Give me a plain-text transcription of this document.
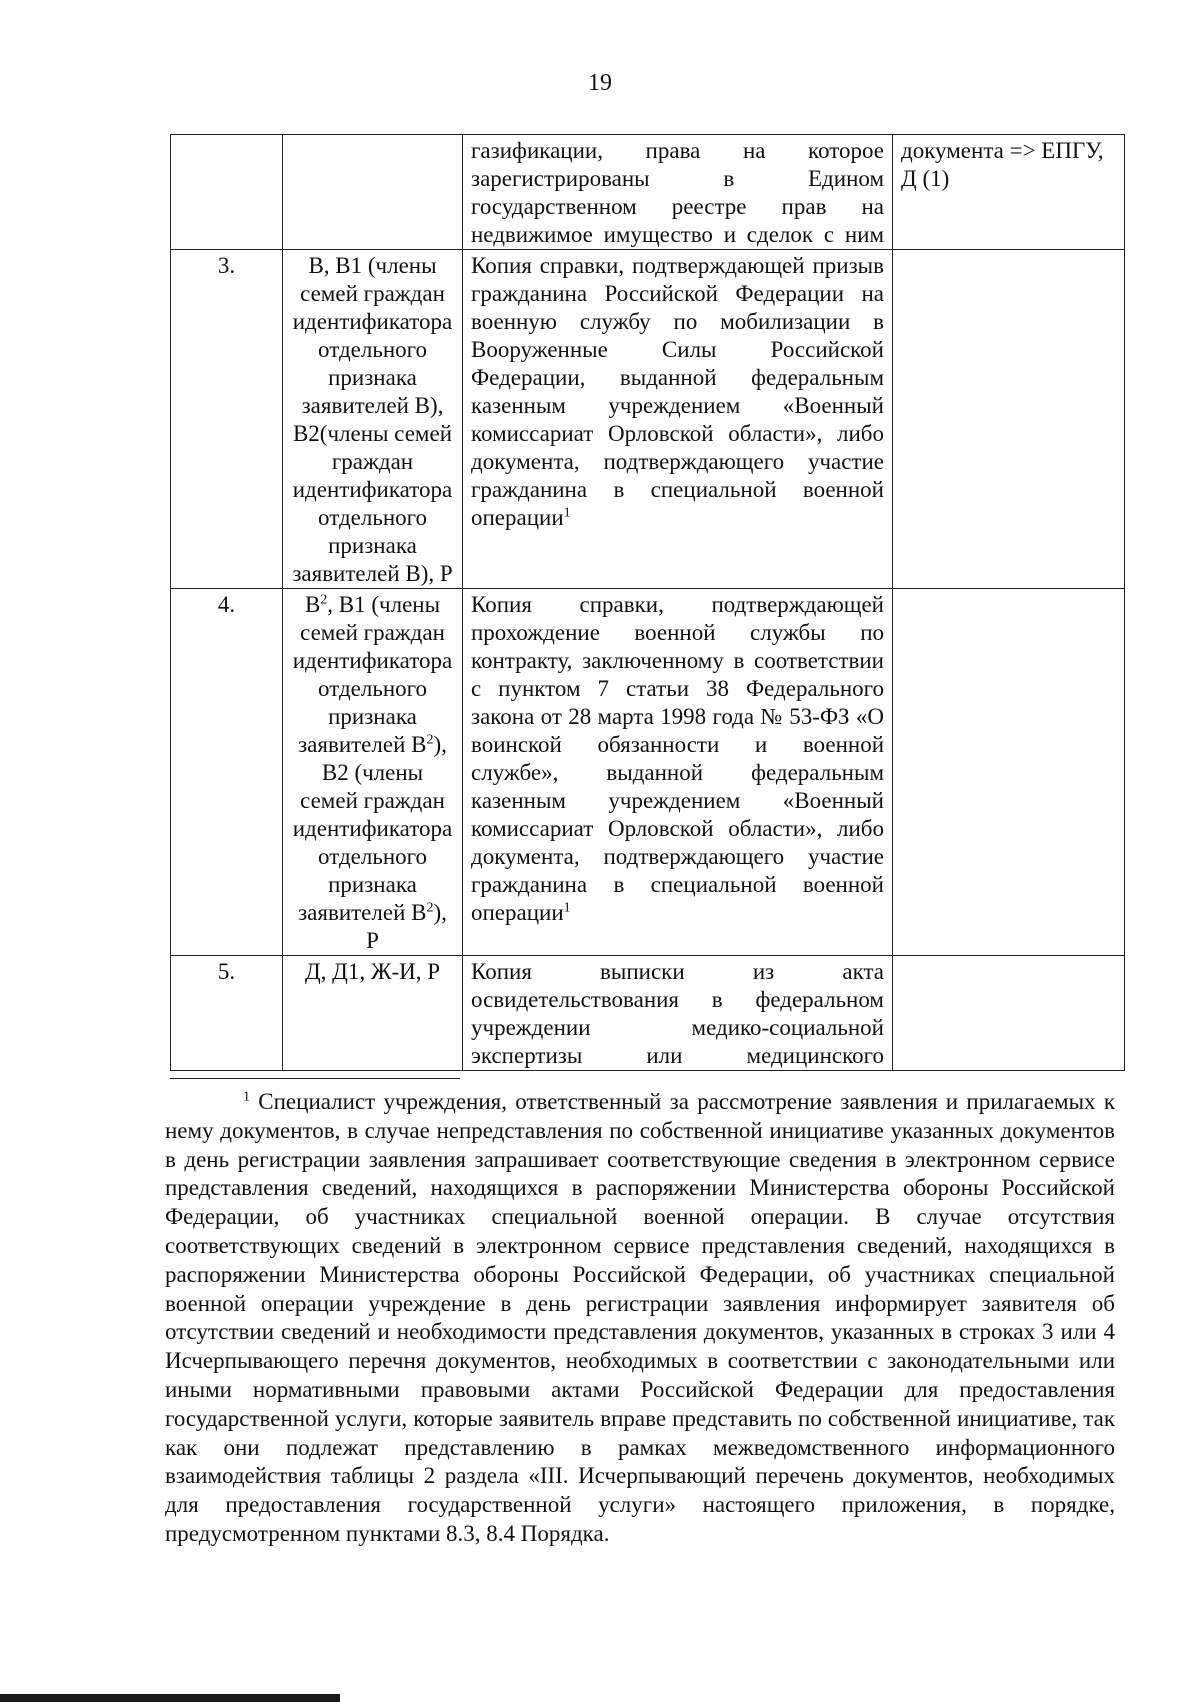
19
		газификации, права на которое зарегистрированы в Едином государственном реестре прав на недвижимое имущество и сделок с ним	документа => ЕПГУ, Д (1)
3.	В, В1 (члены семей граждан идентификатора отдельного признака заявителей В), В2(члены семей граждан идентификатора отдельного признака заявителей В), Р	Копия справки, подтверждающей призыв гражданина Российской Федерации на военную службу по мобилизации в Вооруженные Силы Российской Федерации, выданной федеральным казенным учреждением «Военный комиссариат Орловской области», либо документа, подтверждающего участие гражданина в специальной военной операции$^1$	
4.	$В^2$, В1 (члены семей граждан идентификатора отдельного признака заявителей $В^2$), В2 (члены семей граждан идентификатора отдельного признака заявителей $В^2$), Р	Копия справки, подтверждающей прохождение военной службы по контракту, заключенному в соответствии с пунктом 7 статьи 38 Федерального закона от 28 марта 1998 года № 53-ФЗ «О воинской обязанности и военной службе», выданной федеральным казенным учреждением «Военный комиссариат Орловской области», либо документа, подтверждающего участие гражданина в специальной военной операции$^1$	
5.	Д, Д1, Ж-И, Р	Копия выписки из акта освидетельствования в федеральном учреждении медико-социальной экспертизы или медицинского	
$^1$ Специалист учреждения, ответственный за рассмотрение заявления и прилагаемых к нему документов, в случае непредставления по собственной инициативе указанных документов в день регистрации заявления запрашивает соответствующие сведения в электронном сервисе представления сведений, находящихся в распоряжении Министерства обороны Российской Федерации, об участниках специальной военной операции. В случае отсутствия соответствующих сведений в электронном сервисе представления сведений, находящихся в распоряжении Министерства обороны Российской Федерации, об участниках специальной военной операции учреждение в день регистрации заявления информирует заявителя об отсутствии сведений и необходимости представления документов, указанных в строках 3 или 4 Исчерпывающего перечня документов, необходимых в соответствии с законодательными или иными нормативными правовыми актами Российской Федерации для предоставления государственной услуги, которые заявитель вправе представить по собственной инициативе, так как они подлежат представлению в рамках межведомственного информационного взаимодействия таблицы 2 раздела «III. Исчерпывающий перечень документов, необходимых для предоставления государственной услуги» настоящего приложения, в порядке, предусмотренном пунктами 8.3, 8.4 Порядка.
